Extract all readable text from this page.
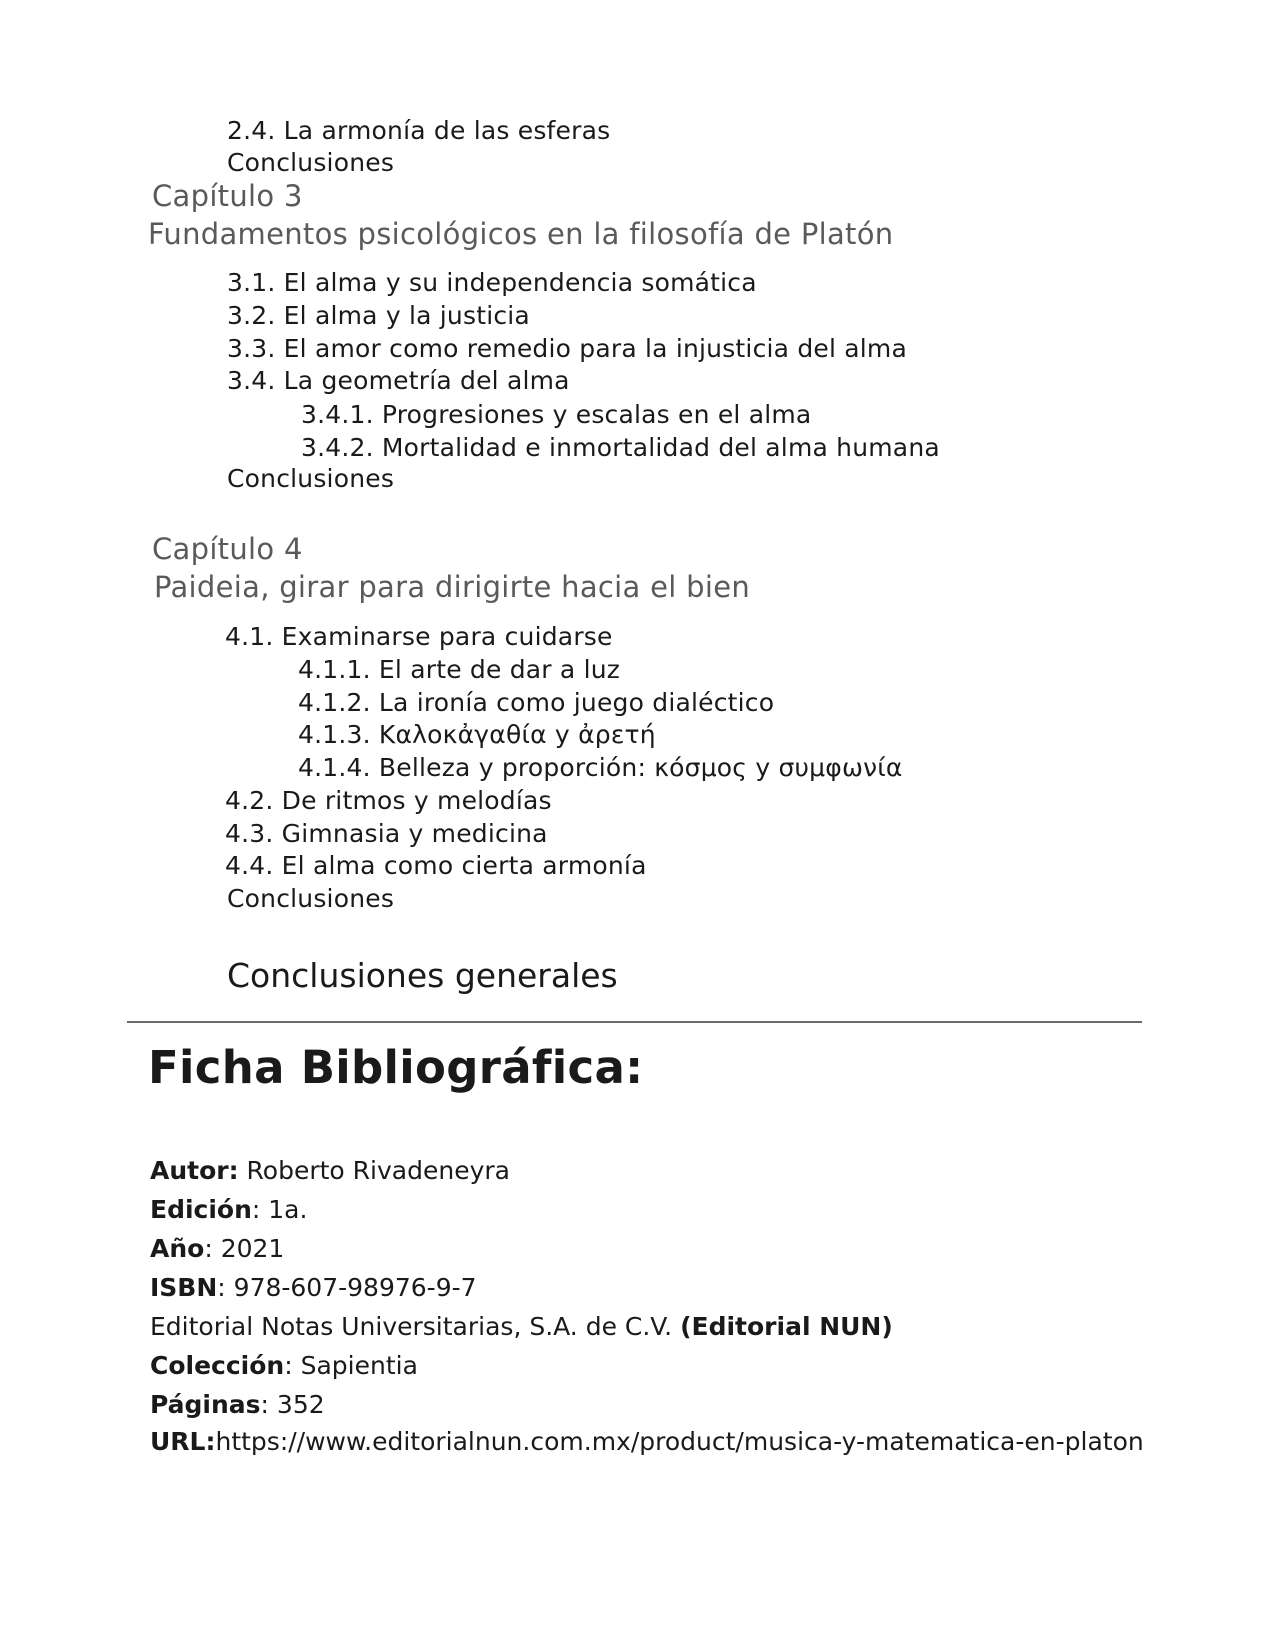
2.4. La armonía de las esferas
Conclusiones
Capítulo 3
Fundamentos psicológicos en la filosofía de Platón
3.1. El alma y su independencia somática
3.2. El alma y la justicia
3.3. El amor como remedio para la injusticia del alma
3.4. La geometría del alma
3.4.1. Progresiones y escalas en el alma
3.4.2. Mortalidad e inmortalidad del alma humana
Conclusiones
Capítulo 4
Paideia, girar para dirigirte hacia el bien
4.1. Examinarse para cuidarse
4.1.1. El arte de dar a luz
4.1.2. La ironía como juego dialéctico
4.1.3. Καλοκἀγαθία y ἀρετή
4.1.4. Belleza y proporción: κόσμος y συμφωνία
4.2. De ritmos y melodías
4.3. Gimnasia y medicina
4.4. El alma como cierta armonía
Conclusiones
Conclusiones generales
Ficha Bibliográfica:
Autor: Roberto Rivadeneyra
Edición: 1a.
Año: 2021
ISBN: 978-607-98976-9-7
Editorial Notas Universitarias, S.A. de C.V. (Editorial NUN)
Colección: Sapientia
Páginas: 352
URL:https://www.editorialnun.com.mx/product/musica-y-matematica-en-platon
